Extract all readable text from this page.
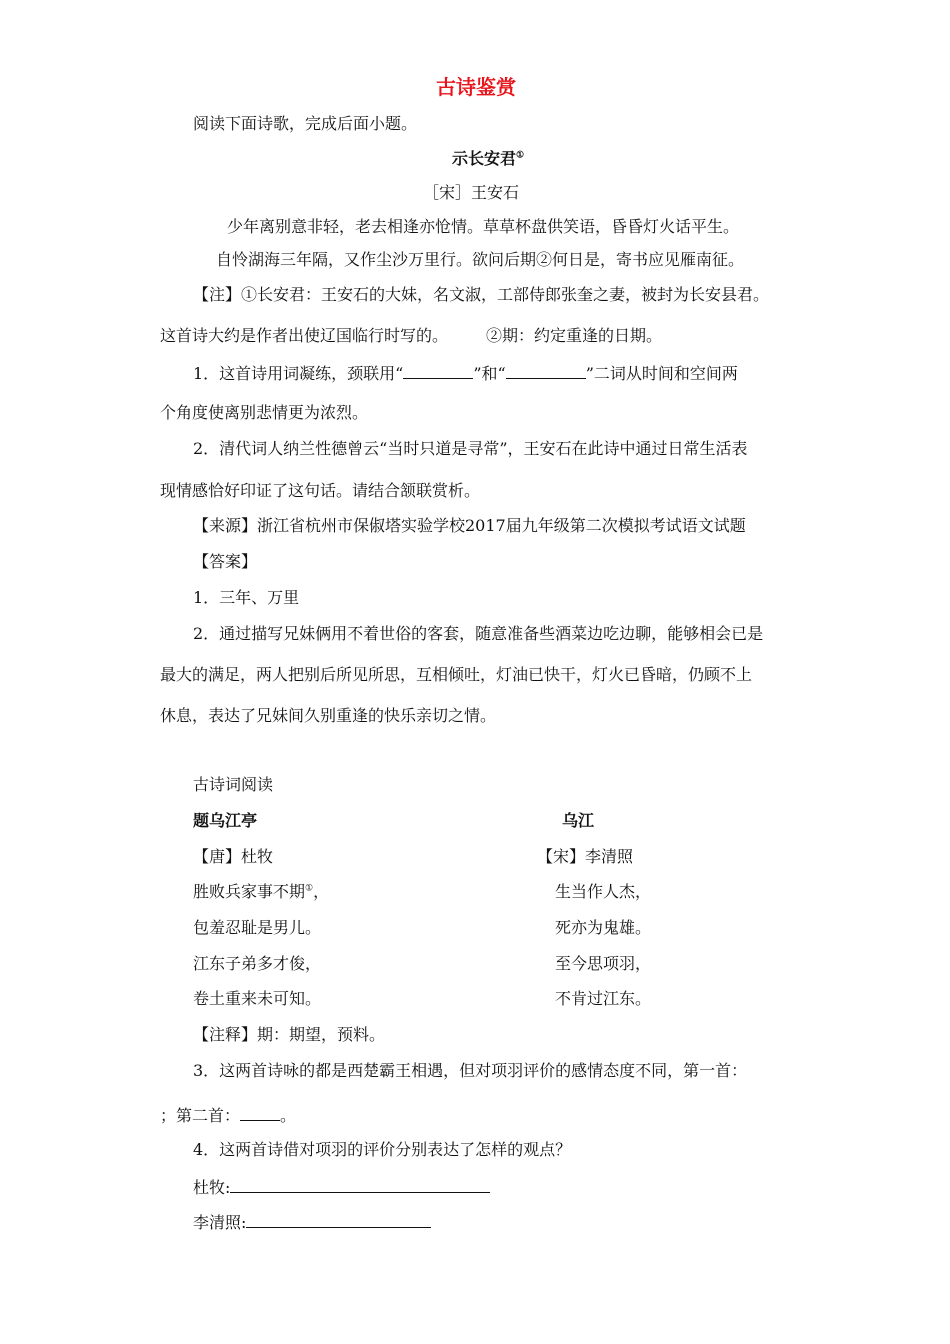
古诗鉴赏
阅读下面诗歌，完成后面小题。
示长安君①
［宋］王安石
少年离别意非轻，老去相逢亦怆情。草草杯盘供笑语，昏昏灯火话平生。
自怜湖海三年隔，又作尘沙万里行。欲问后期②何日是，寄书应见雁南征。
【注】①长安君：王安石的大妹，名文淑，工部侍郎张奎之妻，被封为长安县君。
这首诗大约是作者出使辽国临行时写的。 ②期：约定重逢的日期。
1．这首诗用词凝练，颈联用“	”和“	”二词从时间和空间两
个角度使离别悲情更为浓烈。
2．清代词人纳兰性德曾云“当时只道是寻常”，王安石在此诗中通过日常生活表
现情感恰好印证了这句话。请结合颔联赏析。
【来源】浙江省杭州市保俶塔实验学校2017届九年级第二次模拟考试语文试题
【答案】
1．三年、万里
2．通过描写兄妹俩用不着世俗的客套，随意准备些酒菜边吃边聊，能够相会已是
最大的满足，两人把别后所见所思，互相倾吐，灯油已快干，灯火已昏暗，仍顾不上
休息，表达了兄妹间久别重逢的快乐亲切之情。
古诗词阅读
题乌江亭	乌江
【唐】杜牧	【宋】李清照
胜败兵家事不期①，	生当作人杰，
包羞忍耻是男儿。	死亦为鬼雄。
江东子弟多才俊，	至今思项羽，
卷土重来未可知。	不肯过江东。
【注释】期：期望，预料。
3．这两首诗咏的都是西楚霸王相遇，但对项羽评价的感情态度不同，第一首：
；第二首：	。
4．这两首诗借对项羽的评价分别表达了怎样的观点？
杜牧:
李清照:
